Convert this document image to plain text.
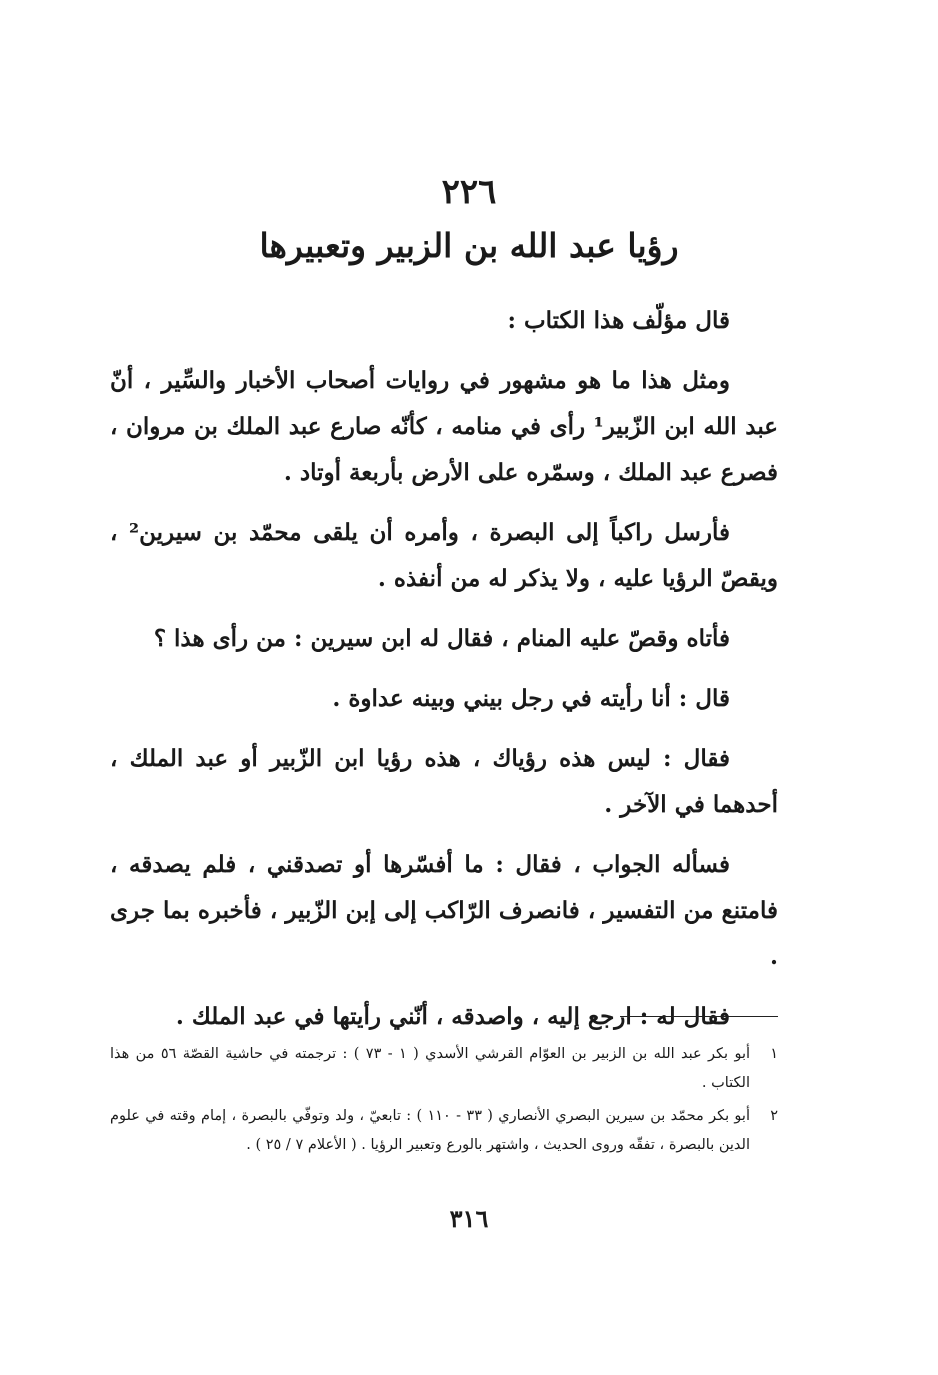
٢٢٦
رؤيا عبد الله بن الزبير وتعبيرها

قال مؤلّف هذا الكتاب :

ومثل هذا ما هو مشهور في روايات أصحاب الأخبار والسِّير ، أنّ عبد الله ابن الزّبير¹ رأى في منامه ، كأنّه صارع عبد الملك بن مروان ، فصرع عبد الملك ، وسمّره على الأرض بأربعة أوتاد .

فأرسل راكباً إلى البصرة ، وأمره أن يلقى محمّد بن سيرين² ، ويقصّ الرؤيا عليه ، ولا يذكر له من أنفذه .

فأتاه وقصّ عليه المنام ، فقال له ابن سيرين : من رأى هذا ؟

قال : أنا رأيته في رجل بيني وبينه عداوة .

فقال : ليس هذه رؤياك ، هذه رؤيا ابن الزّبير أو عبد الملك ، أحدهما في الآخر .

فسأله الجواب ، فقال : ما أفسّرها أو تصدقني ، فلم يصدقه ، فامتنع من التفسير ، فانصرف الرّاكب إلى إبن الزّبير ، فأخبره بما جرى .

فقال له : ارجع إليه ، واصدقه ، أنّني رأيتها في عبد الملك .

١
أبو بكر عبد الله بن الزبير بن العوّام القرشي الأسدي ( ١ - ٧٣ ) : ترجمته في حاشية القصّة ٥٦ من هذا الكتاب .
٢
أبو بكر محمّد بن سيرين البصري الأنصاري ( ٣٣ - ١١٠ ) : تابعيّ ، ولد وتوفّي بالبصرة ، إمام وقته في علوم الدين بالبصرة ، تفقّه وروى الحديث ، واشتهر بالورع وتعبير الرؤيا . ( الأعلام ٧ / ٢٥ ) .
٣١٦
